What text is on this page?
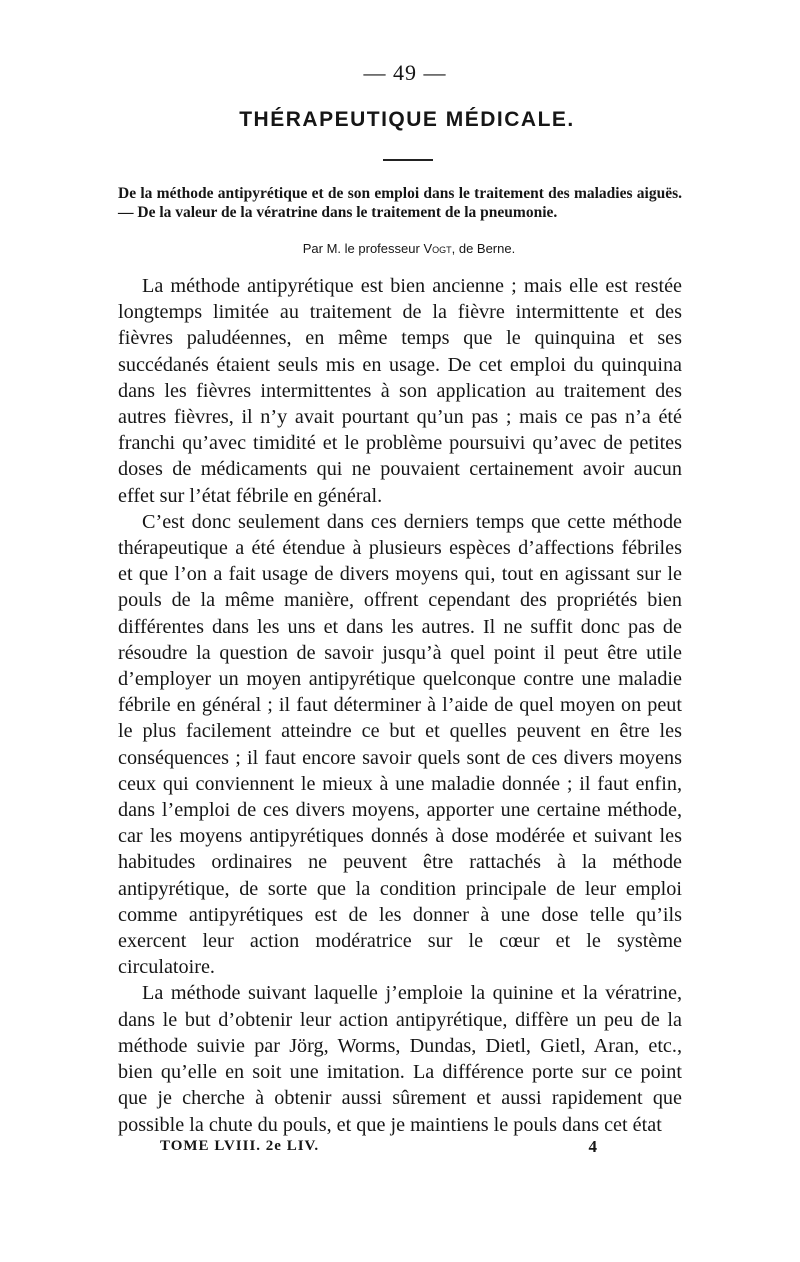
— 49 —
THÉRAPEUTIQUE MÉDICALE.
De la méthode antipyrétique et de son emploi dans le traitement des maladies aiguës. — De la valeur de la vératrine dans le traitement de la pneumonie.
Par M. le professeur Vogt, de Berne.

La méthode antipyrétique est bien ancienne ; mais elle est restée longtemps limitée au traitement de la fièvre intermittente et des fièvres paludéennes, en même temps que le quinquina et ses succédanés étaient seuls mis en usage. De cet emploi du quinquina dans les fièvres intermittentes à son application au traitement des autres fièvres, il n’y avait pourtant qu’un pas ; mais ce pas n’a été franchi qu’avec timidité et le problème poursuivi qu’avec de petites doses de médicaments qui ne pouvaient certainement avoir aucun effet sur l’état fébrile en général.

C’est donc seulement dans ces derniers temps que cette méthode thérapeutique a été étendue à plusieurs espèces d’affections fébriles et que l’on a fait usage de divers moyens qui, tout en agissant sur le pouls de la même manière, offrent cependant des propriétés bien différentes dans les uns et dans les autres. Il ne suffit donc pas de résoudre la question de savoir jusqu’à quel point il peut être utile d’employer un moyen antipyrétique quelconque contre une maladie fébrile en général ; il faut déterminer à l’aide de quel moyen on peut le plus facilement atteindre ce but et quelles peuvent en être les conséquences ; il faut encore savoir quels sont de ces divers moyens ceux qui conviennent le mieux à une maladie donnée ; il faut enfin, dans l’emploi de ces divers moyens, apporter une certaine méthode, car les moyens antipyrétiques donnés à dose modérée et suivant les habitudes ordinaires ne peuvent être rattachés à la méthode antipyrétique, de sorte que la condition principale de leur emploi comme antipyrétiques est de les donner à une dose telle qu’ils exercent leur action modératrice sur le cœur et le système circulatoire.

La méthode suivant laquelle j’emploie la quinine et la vératrine, dans le but d’obtenir leur action antipyrétique, diffère un peu de la méthode suivie par Jörg, Worms, Dundas, Dietl, Gietl, Aran, etc., bien qu’elle en soit une imitation. La différence porte sur ce point que je cherche à obtenir aussi sûrement et aussi rapidement que possible la chute du pouls, et que je maintiens le pouls dans cet état

TOME LVIII. 2e LIV.	4
